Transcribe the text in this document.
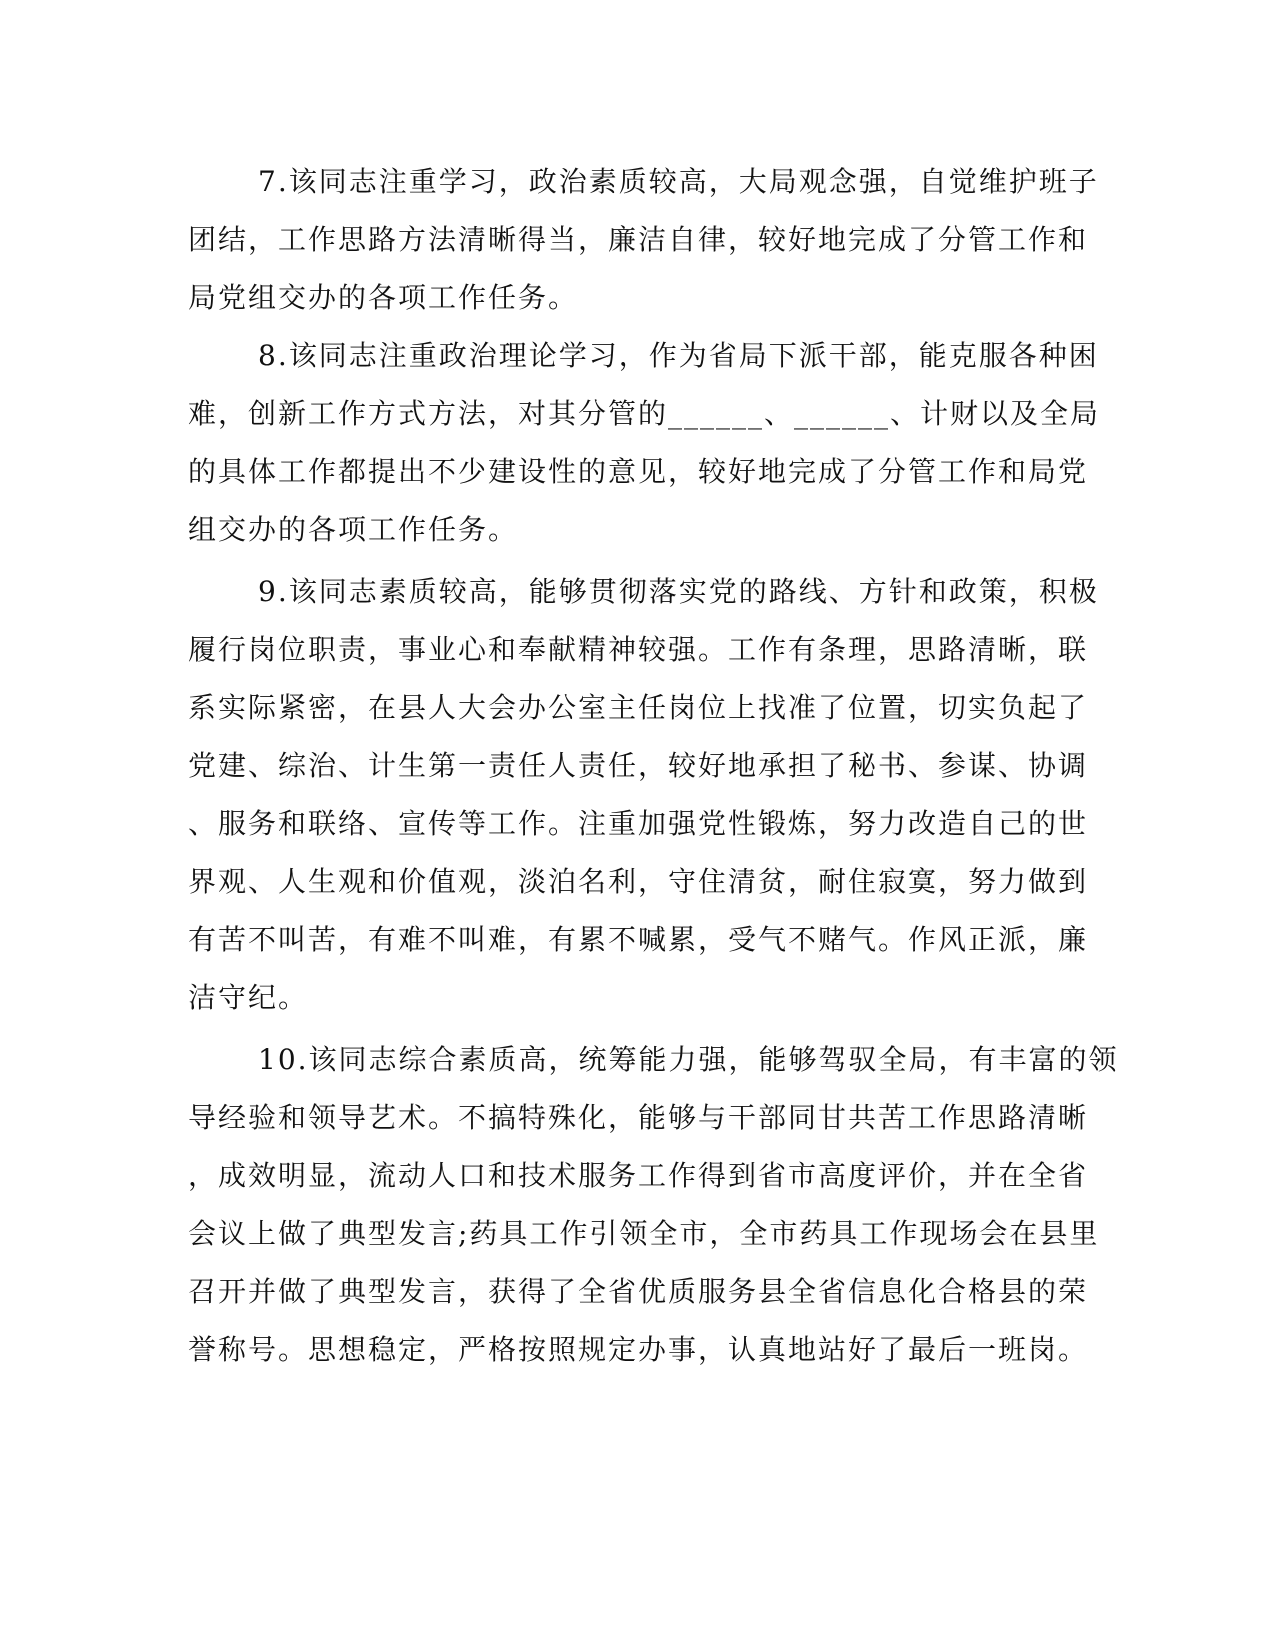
7.该同志注重学习，政治素质较高，大局观念强，自觉维护班子
团结，工作思路方法清晰得当，廉洁自律，较好地完成了分管工作和
局党组交办的各项工作任务。
8.该同志注重政治理论学习，作为省局下派干部，能克服各种困
难，创新工作方式方法，对其分管的______、______、计财以及全局
的具体工作都提出不少建设性的意见，较好地完成了分管工作和局党
组交办的各项工作任务。
9.该同志素质较高，能够贯彻落实党的路线、方针和政策，积极
履行岗位职责，事业心和奉献精神较强。工作有条理，思路清晰，联
系实际紧密，在县人大会办公室主任岗位上找准了位置，切实负起了
党建、综治、计生第一责任人责任，较好地承担了秘书、参谋、协调
、服务和联络、宣传等工作。注重加强党性锻炼，努力改造自己的世
界观、人生观和价值观，淡泊名利，守住清贫，耐住寂寞，努力做到
有苦不叫苦，有难不叫难，有累不喊累，受气不赌气。作风正派，廉
洁守纪。
10.该同志综合素质高，统筹能力强，能够驾驭全局，有丰富的领
导经验和领导艺术。不搞特殊化，能够与干部同甘共苦工作思路清晰
，成效明显，流动人口和技术服务工作得到省市高度评价，并在全省
会议上做了典型发言;药具工作引领全市，全市药具工作现场会在县里
召开并做了典型发言，获得了全省优质服务县全省信息化合格县的荣
誉称号。思想稳定，严格按照规定办事，认真地站好了最后一班岗。
